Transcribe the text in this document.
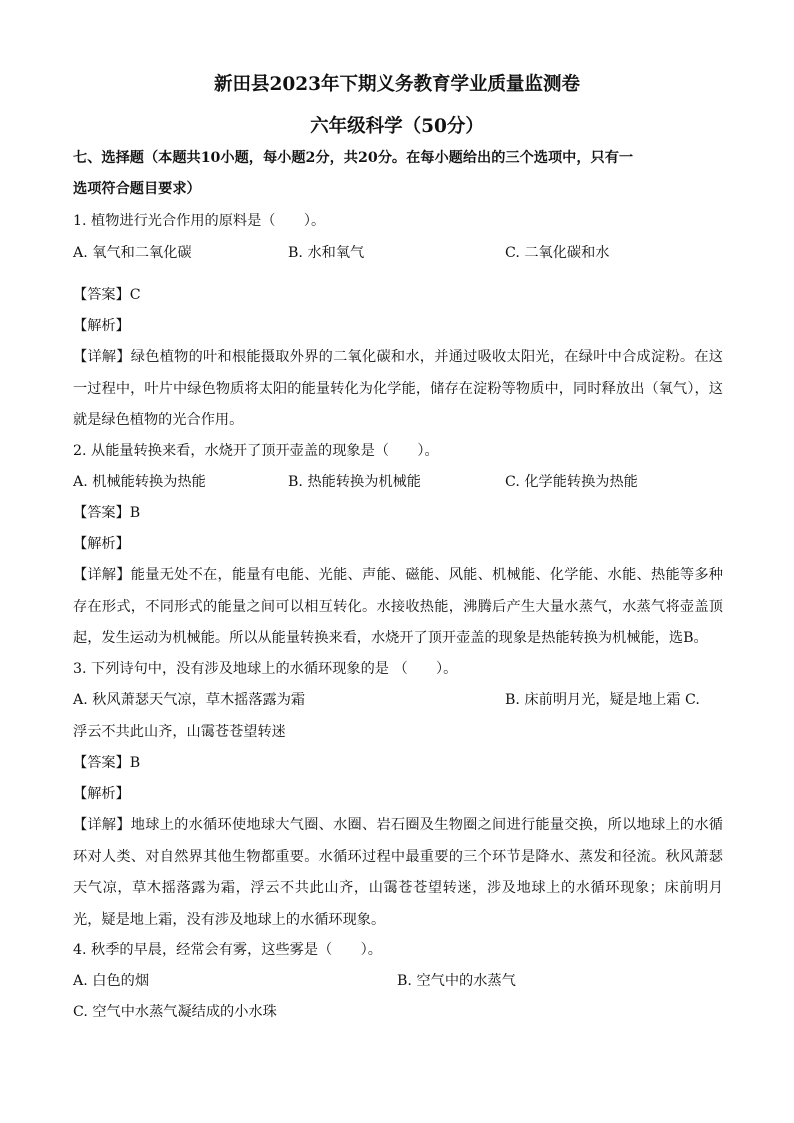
新田县2023年下期义务教育学业质量监测卷
六年级科学（50分）
七、选择题（本题共10小题，每小题2分，共20分。在每小题给出的三个选项中，只有一
选项符合题目要求）
1. 植物进行光合作用的原料是（　　）。
A. 氧气和二氧化碳	B. 水和氧气	C. 二氧化碳和水
【答案】C
【解析】
【详解】绿色植物的叶和根能摄取外界的二氧化碳和水，并通过吸收太阳光，在绿叶中合成淀粉。在这一过程中，叶片中绿色物质将太阳的能量转化为化学能，储存在淀粉等物质中，同时释放出（氧气），这就是绿色植物的光合作用。
2. 从能量转换来看，水烧开了顶开壶盖的现象是（　　）。
A. 机械能转换为热能	B. 热能转换为机械能	C. 化学能转换为热能
【答案】B
【解析】
【详解】能量无处不在，能量有电能、光能、声能、磁能、风能、机械能、化学能、水能、热能等多种存在形式，不同形式的能量之间可以相互转化。水接收热能，沸腾后产生大量水蒸气，水蒸气将壶盖顶起，发生运动为机械能。所以从能量转换来看，水烧开了顶开壶盖的现象是热能转换为机械能，选B。
3. 下列诗句中，没有涉及地球上的水循环现象的是 （　　）。
A. 秋风萧瑟天气凉，草木摇落露为霜	B. 床前明月光，疑是地上霜 C.
浮云不共此山齐，山霭苍苍望转迷
【答案】B
【解析】
【详解】地球上的水循环使地球大气圈、水圈、岩石圈及生物圈之间进行能量交换，所以地球上的水循环对人类、对自然界其他生物都重要。水循环过程中最重要的三个环节是降水、蒸发和径流。秋风萧瑟天气凉，草木摇落露为霜，浮云不共此山齐，山霭苍苍望转迷，涉及地球上的水循环现象；床前明月光，疑是地上霜，没有涉及地球上的水循环现象。
4. 秋季的早晨，经常会有雾，这些雾是（　　）。
A. 白色的烟	B. 空气中的水蒸气
C. 空气中水蒸气凝结成的小水珠
